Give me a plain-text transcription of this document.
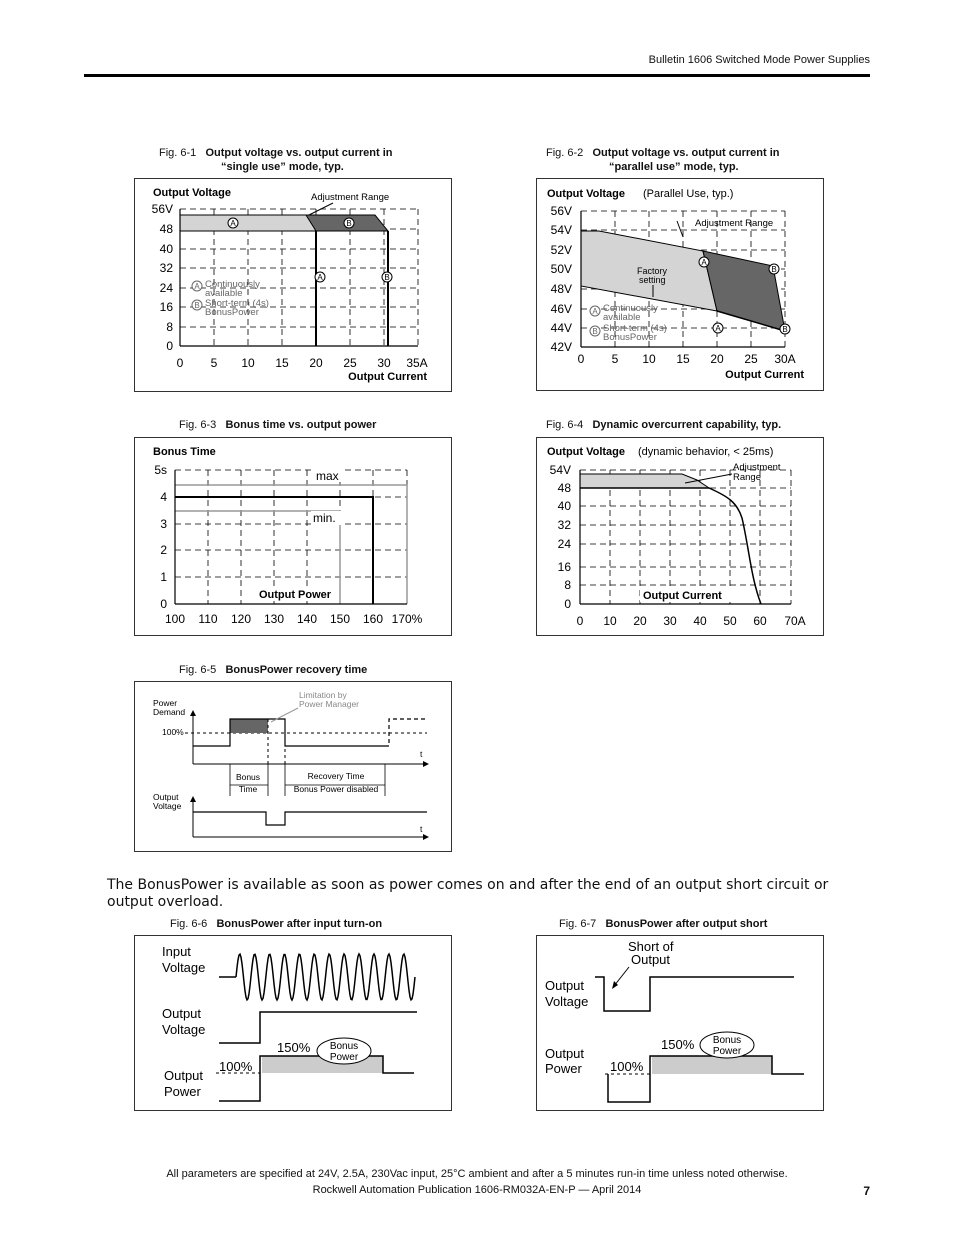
Bulletin 1606 Switched Mode Power Supplies
Fig. 6-1 Output voltage vs. output current in
“single use” mode, typ.
Output Voltage	Adjustment Range
A	B
A	B
A
B
Continuously
available
Short-term (4s)
BonusPower
0
8
16
24
32
40
48
56V
0 5 10 15 20 25 30 35A
Output Current
Fig. 6-2 Output voltage vs. output current in
“parallel use” mode, typ.
Output Voltage (Parallel Use, typ.)
Adjustment Range
Factory
setting
A
B
A	B
A
B
Continuously
available
Short-term (4s)
BonusPower
42V
44V
46V
48V
50V
52V
54V
56V
0 5 10 15 20 25 30A
Output Current
Fig. 6-3 Bonus time vs. output power
Bonus Time
max
min.
Output Power
0
1
2
3
4
5s
100 110 120 130 140 150 160 170%
Fig. 6-4 Dynamic overcurrent capability, typ.
Output Voltage (dynamic behavior, < 25ms)
Adjustment
Range
Output Current
0
8
16
24
32
40
48
54V
0 10 20 30 40 50 60 70A
Fig. 6-5 BonusPower recovery time
Power
Demand
100%
Limitation by
Power Manager
t
t
Bonus
Time
Recovery Time
Bonus Power disabled
Output
Voltage
The BonusPower is available as soon as power comes on and after the end of an output short circuit or output overload.
Fig. 6-6 BonusPower after input turn-on
Input
Voltage
Output
Voltage
Output
Power
150%
100%
Bonus
Power
Fig. 6-7 BonusPower after output short
Short of
Output
Output
Voltage
Output
Power
150%
100%
Bonus
Power
All parameters are specified at 24V, 2.5A, 230Vac input, 25°C ambient and after a 5 minutes run-in time unless noted otherwise.
Rockwell Automation Publication 1606-RM032A-EN-P — April 2014	7
